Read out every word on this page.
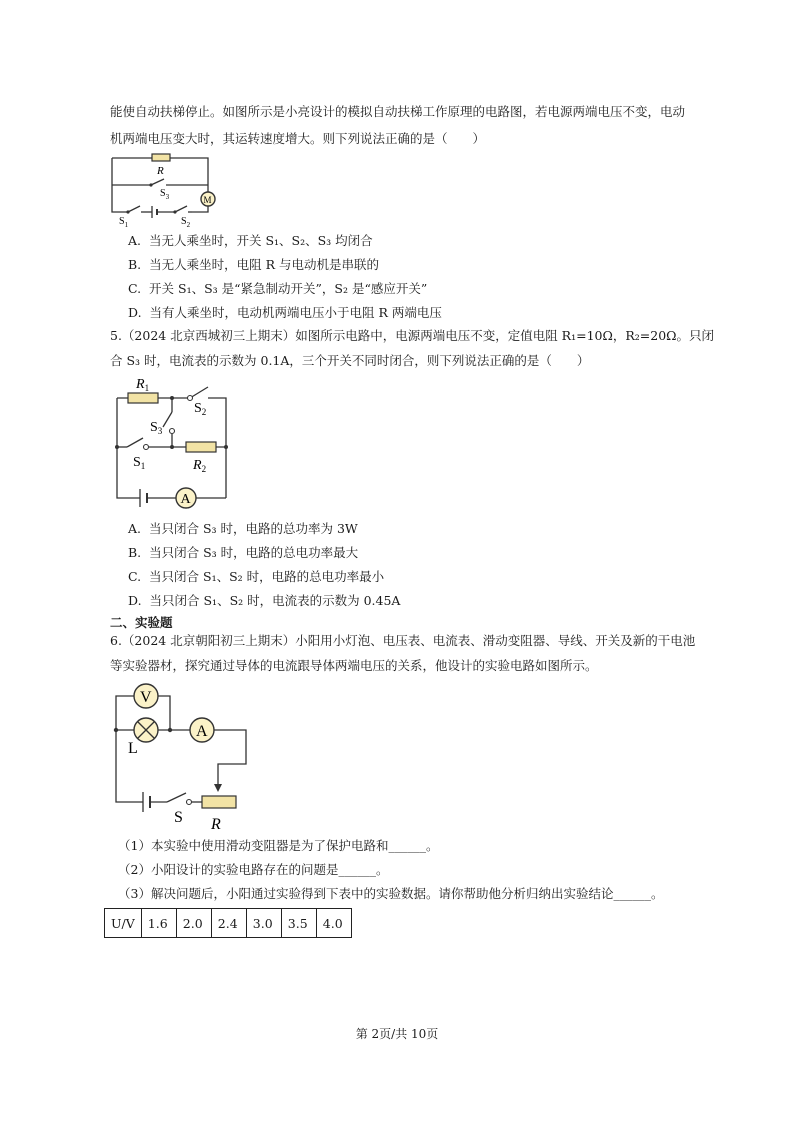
能使自动扶梯停止。如图所示是小亮设计的模拟自动扶梯工作原理的电路图，若电源两端电压不变，电动
机两端电压变大时，其运转速度增大。则下列说法正确的是（　　）
R
$S_3$	M
$S_1$	$S_2$
A. 当无人乘坐时，开关 S₁、S₂、S₃ 均闭合
B. 当无人乘坐时，电阻 R 与电动机是串联的
C. 开关 S₁、S₃ 是“紧急制动开关”，S₂ 是“感应开关”
D. 当有人乘坐时，电动机两端电压小于电阻 R 两端电压
5.（2024 北京西城初三上期末）如图所示电路中，电源两端电压不变，定值电阻 R₁=10Ω，R₂=20Ω。只闭
合 S₃ 时，电流表的示数为 0.1A，三个开关不同时闭合，则下列说法正确的是（　　）
$R_1$
$S_2$
$S_3$
$S_1$	$R_2$
A
A. 当只闭合 S₃ 时，电路的总功率为 3W
B. 当只闭合 S₃ 时，电路的总电功率最大
C. 当只闭合 S₁、S₂ 时，电路的总电功率最小
D. 当只闭合 S₁、S₂ 时，电流表的示数为 0.45A
二、实验题
6.（2024 北京朝阳初三上期末）小阳用小灯泡、电压表、电流表、滑动变阻器、导线、开关及新的干电池
等实验器材，探究通过导体的电流跟导体两端电压的关系，他设计的实验电路如图所示。
V
L
A
S R
（1）本实验中使用滑动变阻器是为了保护电路和______。
（2）小阳设计的实验电路存在的问题是______。
（3）解决问题后，小阳通过实验得到下表中的实验数据。请你帮助他分析归纳出实验结论______。
U/V	1.6	2.0	2.4	3.0	3.5	4.0
第 2页/共 10页
